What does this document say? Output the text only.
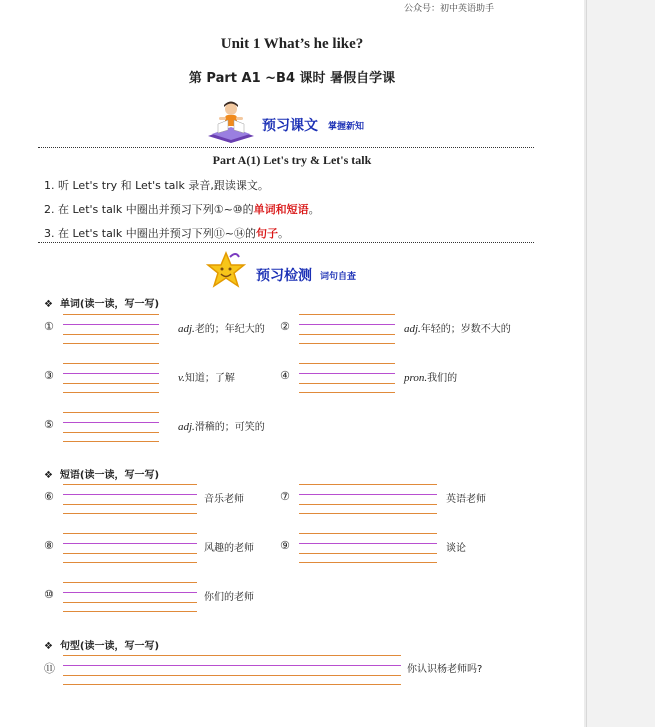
公众号：初中英语助手
Unit 1 What’s he like?
第 Part A1 ~B4 课时 暑假自学课
预习课文 掌握新知
Part A(1) Let's try & Let's talk
1. 听 Let's try 和 Let's talk 录音,跟读课文。
2. 在 Let's talk 中圈出并预习下列①~⑩的单词和短语。
3. 在 Let's talk 中圈出并预习下列⑪~⑭的句子。
预习检测 词句自查
❖ 单词(读一读，写一写)
①	adj.老的；年纪大的 ②	adj.年轻的；岁数不大的
③	v.知道；了解	④	pron.我们的
⑤	adj.滑稽的；可笑的
❖ 短语(读一读，写一写)
⑥	音乐老师	⑦	英语老师
⑧	风趣的老师 ⑨	谈论
⑩	你们的老师
❖ 句型(读一读，写一写)
⑪	你认识杨老师吗?
